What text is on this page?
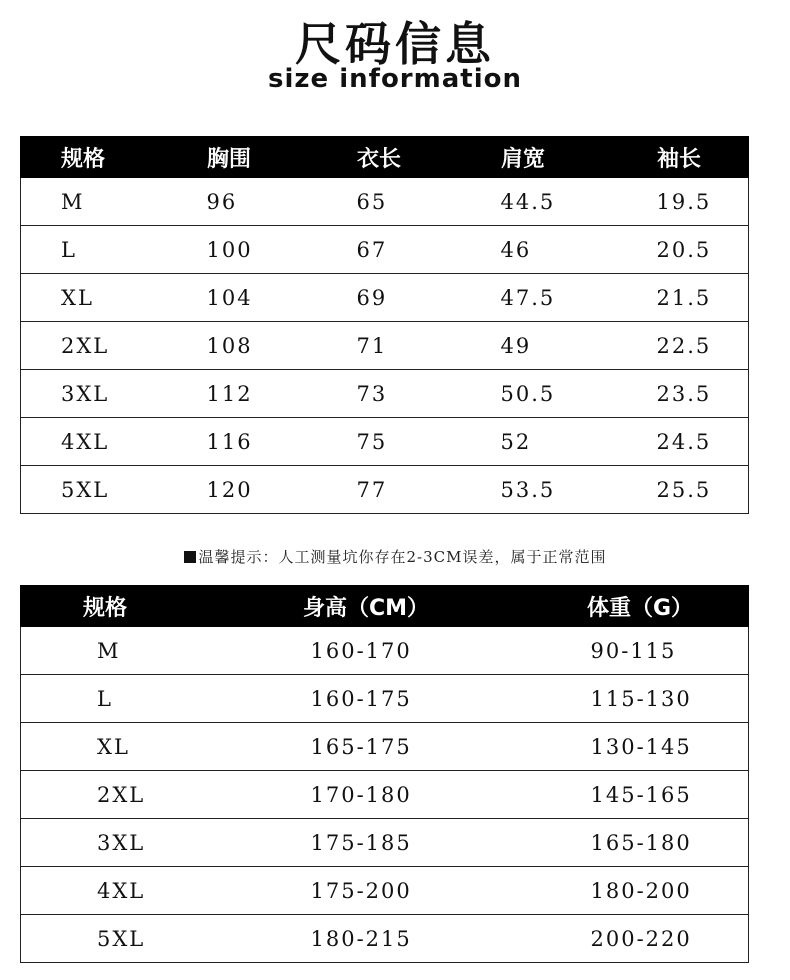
尺码信息
size information
规格	胸围	衣长	肩宽	袖长
M	96	65	44.5	19.5
L	100	67	46	20.5
XL	104	69	47.5	21.5
2XL	108	71	49	22.5
3XL	112	73	50.5	23.5
4XL	116	75	52	24.5
5XL	120	77	53.5	25.5
温馨提示：人工测量坑你存在2-3CM误差，属于正常范围
规格	身高（CM）	体重（G）
M	160-170	90-115
L	160-175	115-130
XL	165-175	130-145
2XL	170-180	145-165
3XL	175-185	165-180
4XL	175-200	180-200
5XL	180-215	200-220
